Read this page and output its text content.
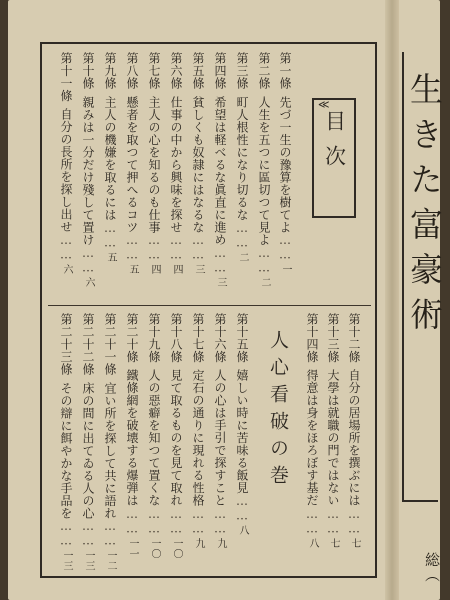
≪
目次
第一條先づ一生の豫算を樹てよ……一
第二條人生を五つに區切つて見よ……二
第三條町人根性になり切るな……二
第四條希望は軽べるな眞直に進め……三
第五條貧しくも奴隷にはなるな……三
第六條仕事の中から興味を探せ……四
第七條主人の心を知るのも仕事……四
第八條懸者を取つて押へるコツ……五
第九條主人の機嫌を取るには……五
第十條親みは一分だけ殘して置け……六
第十一條自分の長所を探し出せ……六
第十二條自分の居場所を撰ぶには……七
第十三條大學は就職の門ではない……七
第十四條得意は身をほろぼす基だ……八
人心看破の巻
第十五條嬉しい時に苦味る飯見……八
第十六條人の心は手引で探すこと……九
第十七條定石の通りに現れる性格……九
第十八條見て取るものを見て取れ……一〇
第十九條人の惡癖を知つて置くな……一〇
第二十條鐵條網を破壊する爆弾は……一一
第二十一條宜い所を探して共に語れ……一二
第二十二條床の間に出てゐる人の心……一三
第二十三條その辯に餌やかな手品を……一三
生きた富豪術
総（
